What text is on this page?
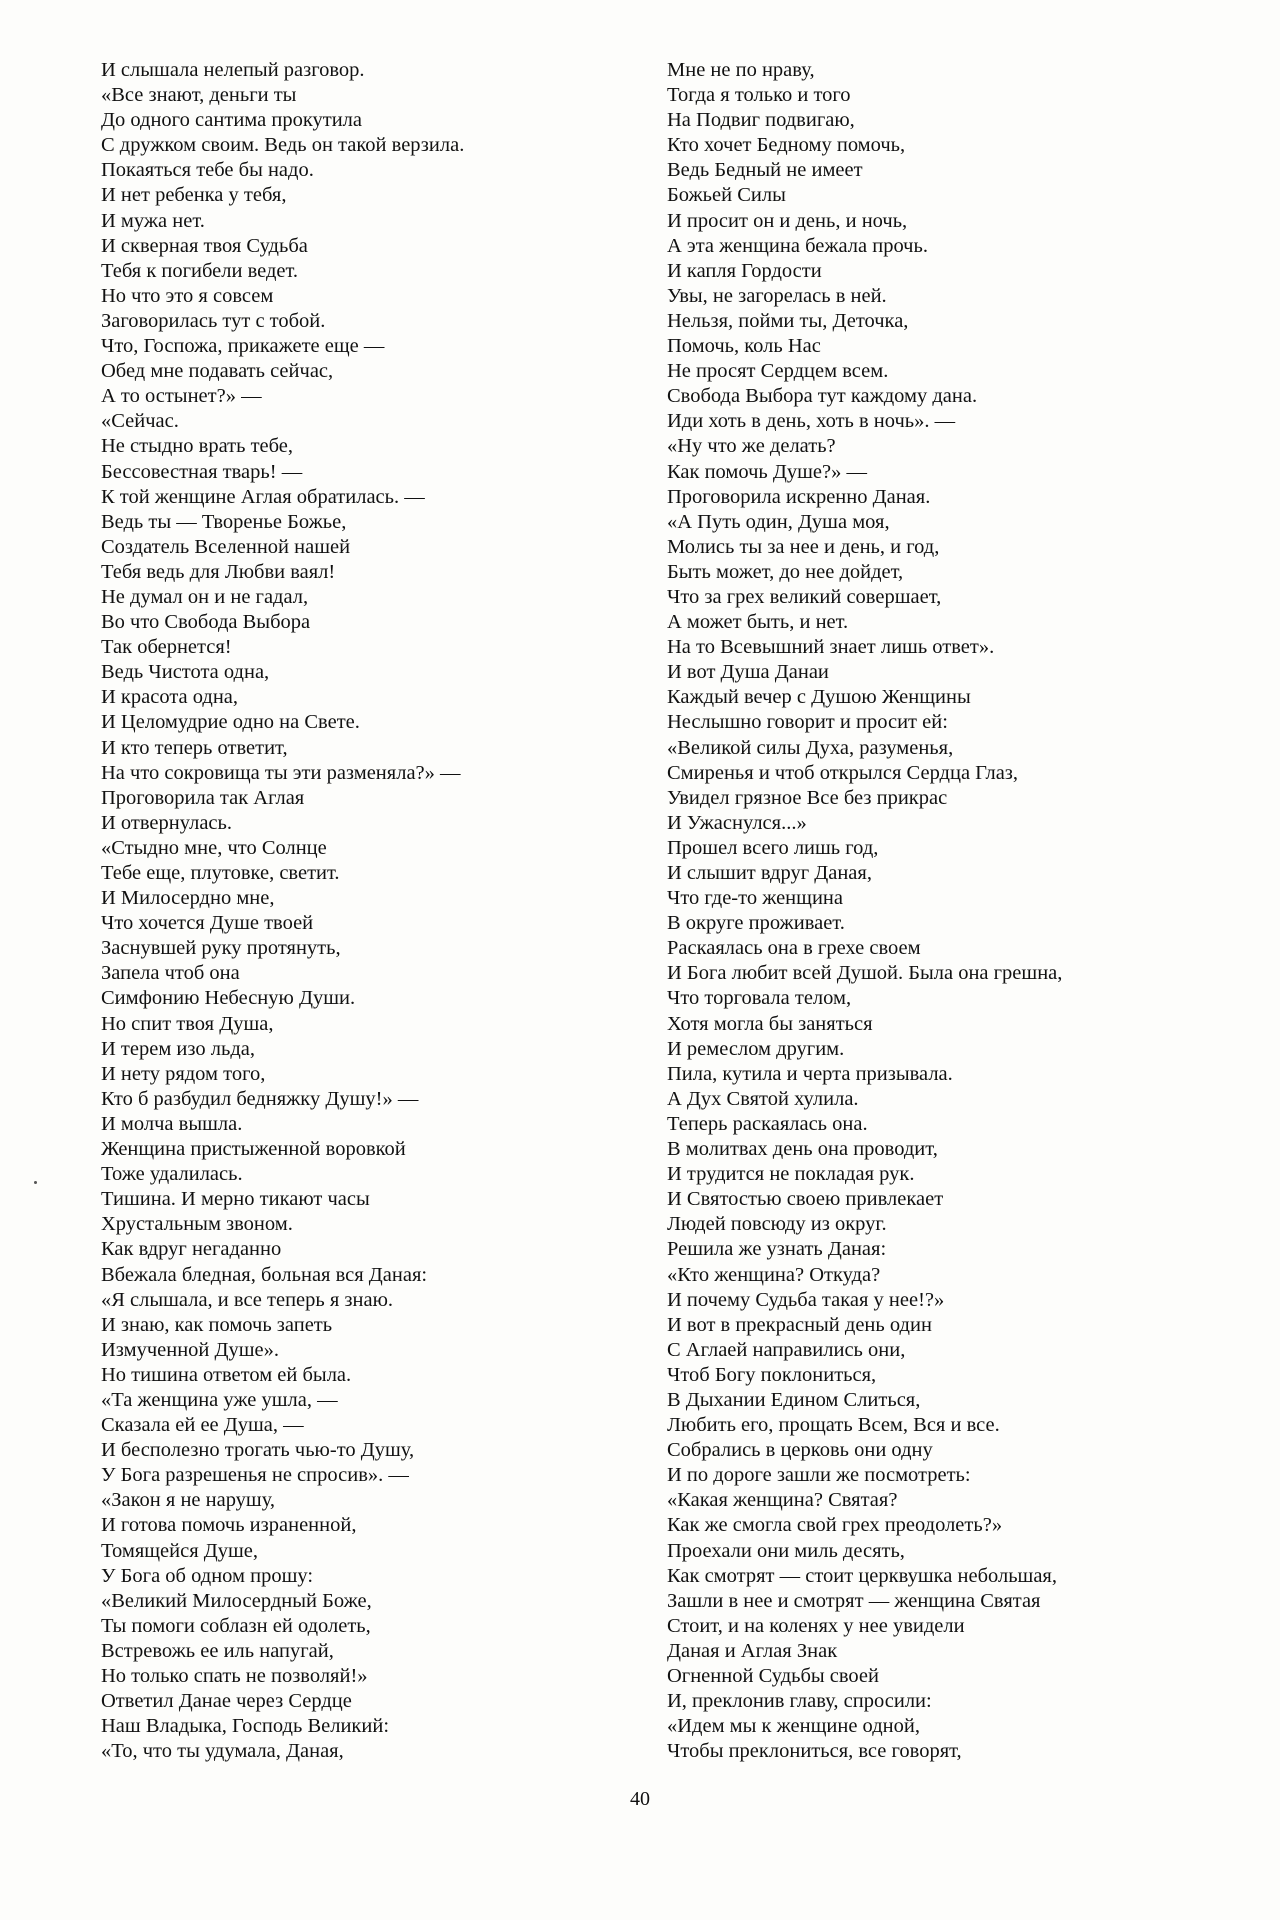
И слышала нелепый разговор.
«Все знают, деньги ты
До одного сантима прокутила
С дружком своим. Ведь он такой верзила.
Покаяться тебе бы надо.
И нет ребенка у тебя,
И мужа нет.
И скверная твоя Судьба
Тебя к погибели ведет.
Но что это я совсем
Заговорилась тут с тобой.
Что, Госпожа, прикажете еще —
Обед мне подавать сейчас,
А то остынет?» —
«Сейчас.
Не стыдно врать тебе,
Бессовестная тварь! —
К той женщине Аглая обратилась. —
Ведь ты — Творенье Божье,
Создатель Вселенной нашей
Тебя ведь для Любви ваял!
Не думал он и не гадал,
Во что Свобода Выбора
Так обернется!
Ведь Чистота одна,
И красота одна,
И Целомудрие одно на Свете.
И кто теперь ответит,
На что сокровища ты эти разменяла?» —
Проговорила так Аглая
И отвернулась.
«Стыдно мне, что Солнце
Тебе еще, плутовке, светит.
И Милосердно мне,
Что хочется Душе твоей
Заснувшей руку протянуть,
Запела чтоб она
Симфонию Небесную Души.
Но спит твоя Душа,
И терем изо льда,
И нету рядом того,
Кто б разбудил бедняжку Душу!» —
И молча вышла.
Женщина пристыженной воровкой
Тоже удалилась.
Тишина. И мерно тикают часы
Хрустальным звоном.
Как вдруг негаданно
Вбежала бледная, больная вся Даная:
«Я слышала, и все теперь я знаю.
И знаю, как помочь запеть
Измученной Душе».
Но тишина ответом ей была.
«Та женщина уже ушла, —
Сказала ей ее Душа, —
И бесполезно трогать чью-то Душу,
У Бога разрешенья не спросив». —
«Закон я не нарушу,
И готова помочь израненной,
Томящейся Душе,
У Бога об одном прошу:
«Великий Милосердный Боже,
Ты помоги соблазн ей одолеть,
Встревожь ее иль напугай,
Но только спать не позволяй!»
Ответил Данае через Сердце
Наш Владыка, Господь Великий:
«То, что ты удумала, Даная,
Мне не по нраву,
Тогда я только и того
На Подвиг подвигаю,
Кто хочет Бедному помочь,
Ведь Бедный не имеет
Божьей Силы
И просит он и день, и ночь,
А эта женщина бежала прочь.
И капля Гордости
Увы, не загорелась в ней.
Нельзя, пойми ты, Деточка,
Помочь, коль Нас
Не просят Сердцем всем.
Свобода Выбора тут каждому дана.
Иди хоть в день, хоть в ночь». —
«Ну что же делать?
Как помочь Душе?» —
Проговорила искренно Даная.
«А Путь один, Душа моя,
Молись ты за нее и день, и год,
Быть может, до нее дойдет,
Что за грех великий совершает,
А может быть, и нет.
На то Всевышний знает лишь ответ».
И вот Душа Данаи
Каждый вечер с Душою Женщины
Неслышно говорит и просит ей:
«Великой силы Духа, разуменья,
Смиренья и чтоб открылся Сердца Глаз,
Увидел грязное Все без прикрас
И Ужаснулся...»
Прошел всего лишь год,
И слышит вдруг Даная,
Что где-то женщина
В округе проживает.
Раскаялась она в грехе своем
И Бога любит всей Душой. Была она грешна,
Что торговала телом,
Хотя могла бы заняться
И ремеслом другим.
Пила, кутила и черта призывала.
А Дух Святой хулила.
Теперь раскаялась она.
В молитвах день она проводит,
И трудится не покладая рук.
И Святостью своею привлекает
Людей повсюду из округ.
Решила же узнать Даная:
«Кто женщина? Откуда?
И почему Судьба такая у нее!?»
И вот в прекрасный день один
С Аглаей направились они,
Чтоб Богу поклониться,
В Дыхании Едином Слиться,
Любить его, прощать Всем, Вся и все.
Собрались в церковь они одну
И по дороге зашли же посмотреть:
«Какая женщина? Святая?
Как же смогла свой грех преодолеть?»
Проехали они миль десять,
Как смотрят — стоит церквушка небольшая,
Зашли в нее и смотрят — женщина Святая
Стоит, и на коленях у нее увидели
Даная и Аглая Знак
Огненной Судьбы своей
И, преклонив главу, спросили:
«Идем мы к женщине одной,
Чтобы преклониться, все говорят,
40
